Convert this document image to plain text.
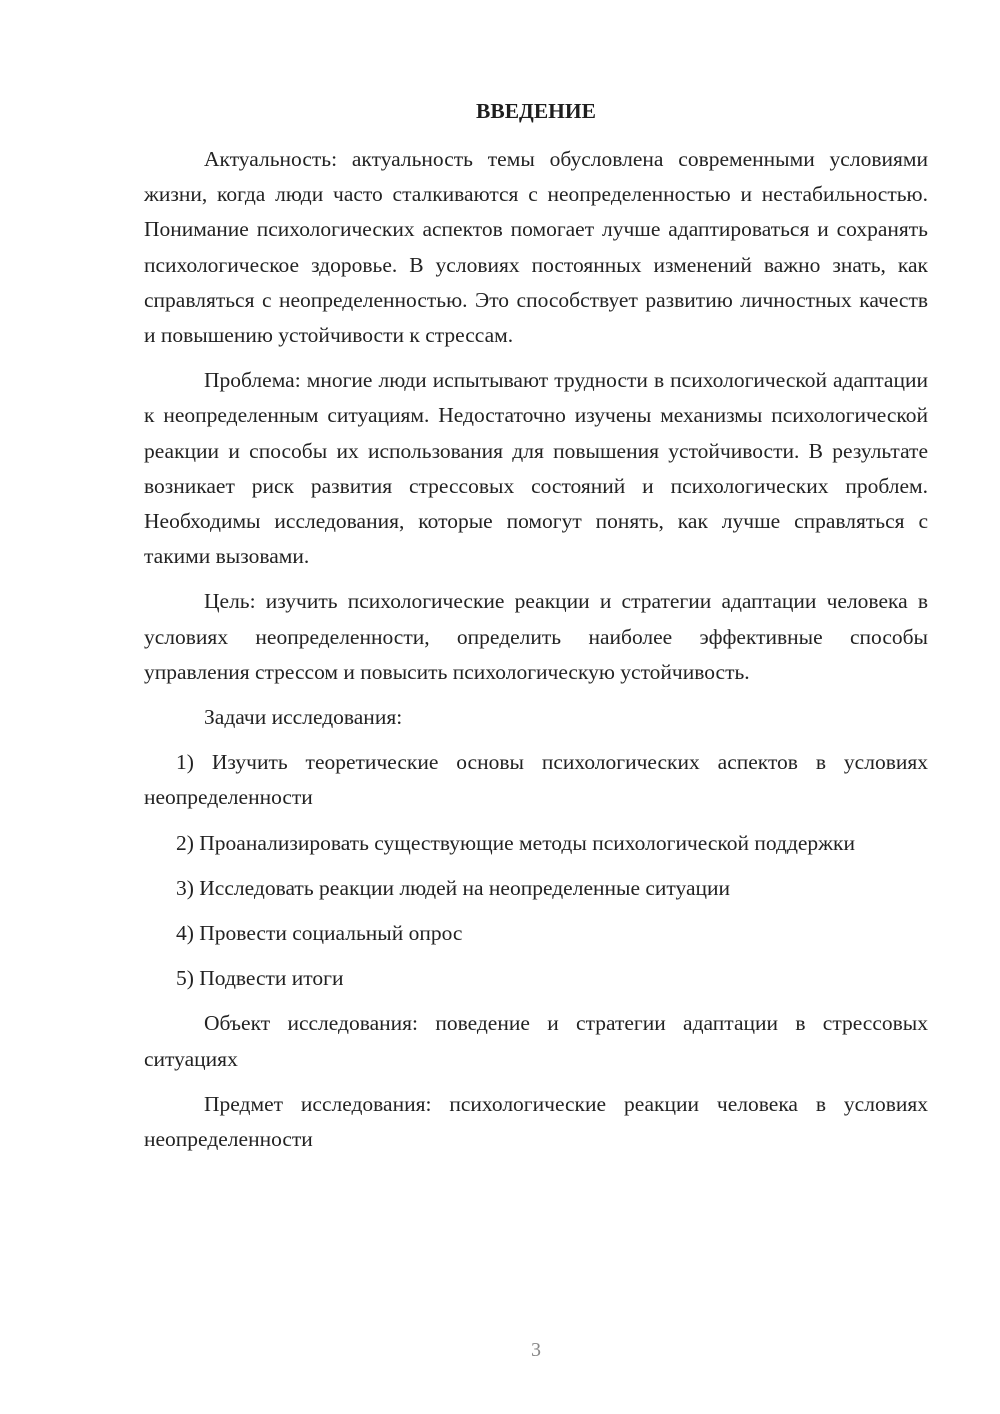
ВВЕДЕНИЕ

Актуальность: актуальность темы обусловлена современными условиями жизни, когда люди часто сталкиваются с неопределенностью и нестабильностью. Понимание психологических аспектов помогает лучше адаптироваться и сохранять психологическое здоровье. В условиях постоянных изменений важно знать, как справляться с неопределенностью. Это способствует развитию личностных качеств и повышению устойчивости к стрессам.

Проблема: многие люди испытывают трудности в психологической адаптации к неопределенным ситуациям. Недостаточно изучены механизмы психологической реакции и способы их использования для повышения устойчивости. В результате возникает риск развития стрессовых состояний и психологических проблем. Необходимы исследования, которые помогут понять, как лучше справляться с такими вызовами.

Цель: изучить психологические реакции и стратегии адаптации человека в условиях неопределенности, определить наиболее эффективные способы управления стрессом и повысить психологическую устойчивость.

Задачи исследования:

1) Изучить теоретические основы психологических аспектов в условиях неопределенности

2) Проанализировать существующие методы психологической поддержки

3) Исследовать реакции людей на неопределенные ситуации

4) Провести социальный опрос

5) Подвести итоги

Объект исследования: поведение и стратегии адаптации в стрессовых ситуациях

Предмет исследования: психологические реакции человека в условиях неопределенности

3
